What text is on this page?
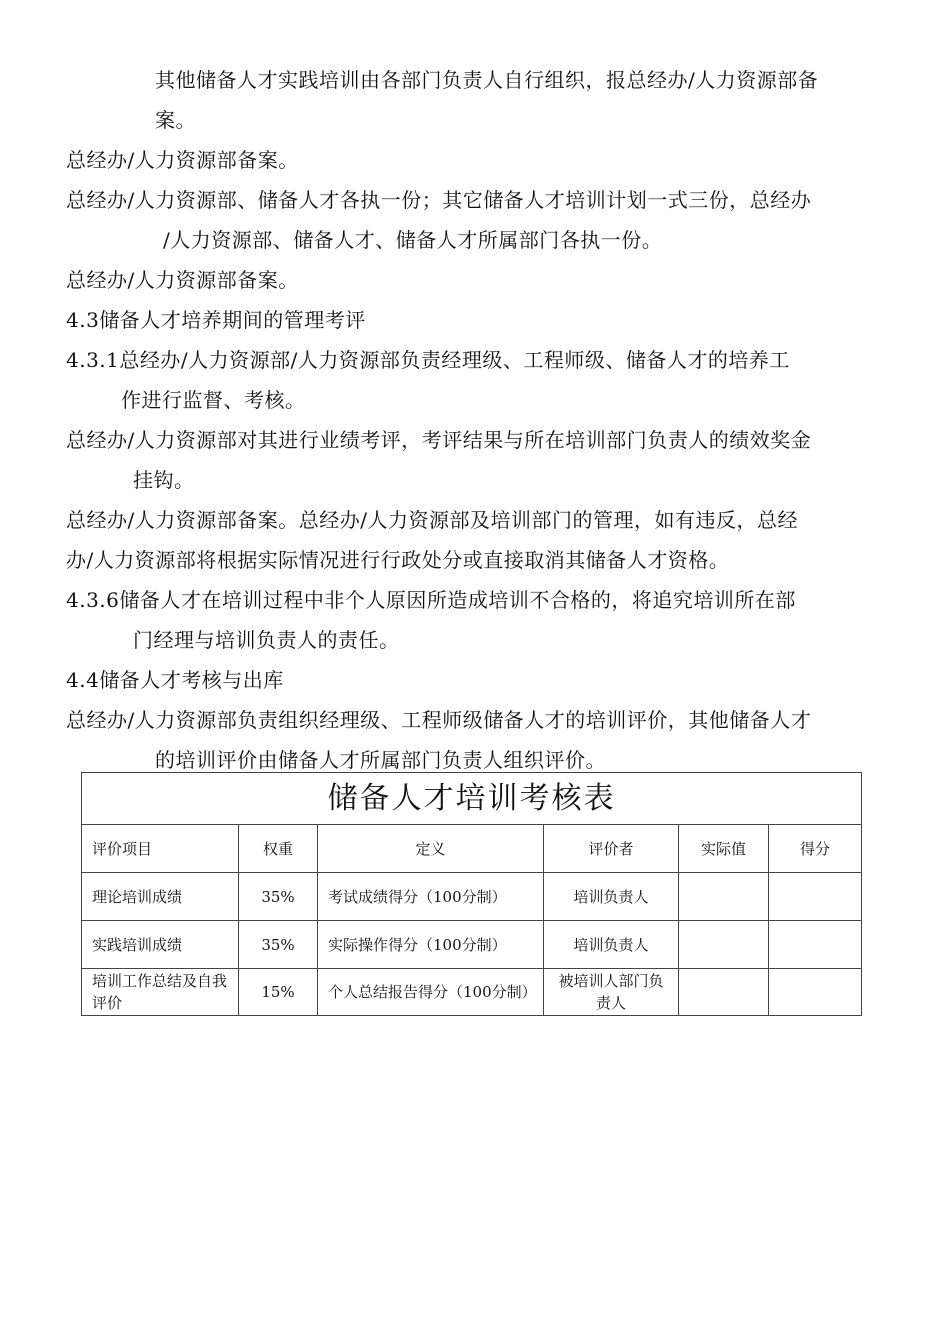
其他储备人才实践培训由各部门负责人自行组织，报总经办/人力资源部备
案。
总经办/人力资源部备案。
总经办/人力资源部、储备人才各执一份；其它储备人才培训计划一式三份，总经办
/人力资源部、储备人才、储备人才所属部门各执一份。
总经办/人力资源部备案。
4.3储备人才培养期间的管理考评
4.3.1总经办/人力资源部/人力资源部负责经理级、工程师级、储备人才的培养工
作进行监督、考核。
总经办/人力资源部对其进行业绩考评，考评结果与所在培训部门负责人的绩效奖金
挂钩。
总经办/人力资源部备案。总经办/人力资源部及培训部门的管理，如有违反，总经
办/人力资源部将根据实际情况进行行政处分或直接取消其储备人才资格。
4.3.6储备人才在培训过程中非个人原因所造成培训不合格的，将追究培训所在部
门经理与培训负责人的责任。
4.4储备人才考核与出库
总经办/人力资源部负责组织经理级、工程师级储备人才的培训评价，其他储备人才
的培训评价由储备人才所属部门负责人组织评价。
储备人才培训考核表					
评价项目	权重	定义	评价者	实际值	得分
理论培训成绩	35%	考试成绩得分（100分制）	培训负责人		
实践培训成绩	35%	实际操作得分（100分制）	培训负责人		
培训工作总结及自我评价	15%	个人总结报告得分（100分制）	被培训人部门负责人		
